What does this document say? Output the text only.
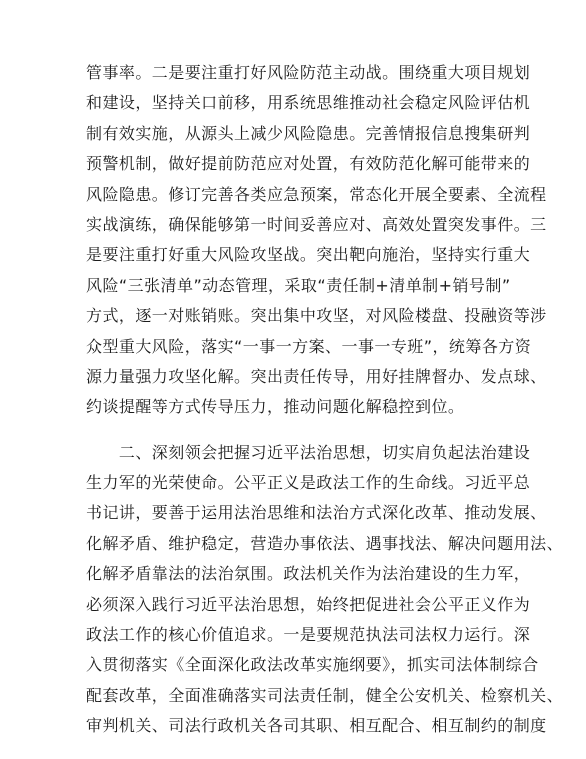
管事率。二是要注重打好风险防范主动战。围绕重大项目规划
和建设，坚持关口前移，用系统思维推动社会稳定风险评估机
制有效实施，从源头上减少风险隐患。完善情报信息搜集研判
预警机制，做好提前防范应对处置，有效防范化解可能带来的
风险隐患。修订完善各类应急预案，常态化开展全要素、全流程
实战演练，确保能够第一时间妥善应对、高效处置突发事件。三
是要注重打好重大风险攻坚战。突出靶向施治，坚持实行重大
风险“三张清单”动态管理，采取“责任制+清单制+销号制”
方式，逐一对账销账。突出集中攻坚，对风险楼盘、投融资等涉
众型重大风险，落实“一事一方案、一事一专班”，统筹各方资
源力量强力攻坚化解。突出责任传导，用好挂牌督办、发点球、
约谈提醒等方式传导压力，推动问题化解稳控到位。
　　二、深刻领会把握习近平法治思想，切实肩负起法治建设
生力军的光荣使命。公平正义是政法工作的生命线。习近平总
书记讲，要善于运用法治思维和法治方式深化改革、推动发展、
化解矛盾、维护稳定，营造办事依法、遇事找法、解决问题用法、
化解矛盾靠法的法治氛围。政法机关作为法治建设的生力军，
必须深入践行习近平法治思想，始终把促进社会公平正义作为
政法工作的核心价值追求。一是要规范执法司法权力运行。深
入贯彻落实《全面深化政法改革实施纲要》，抓实司法体制综合
配套改革，全面准确落实司法责任制，健全公安机关、检察机关、
审判机关、司法行政机关各司其职、相互配合、相互制约的制度
